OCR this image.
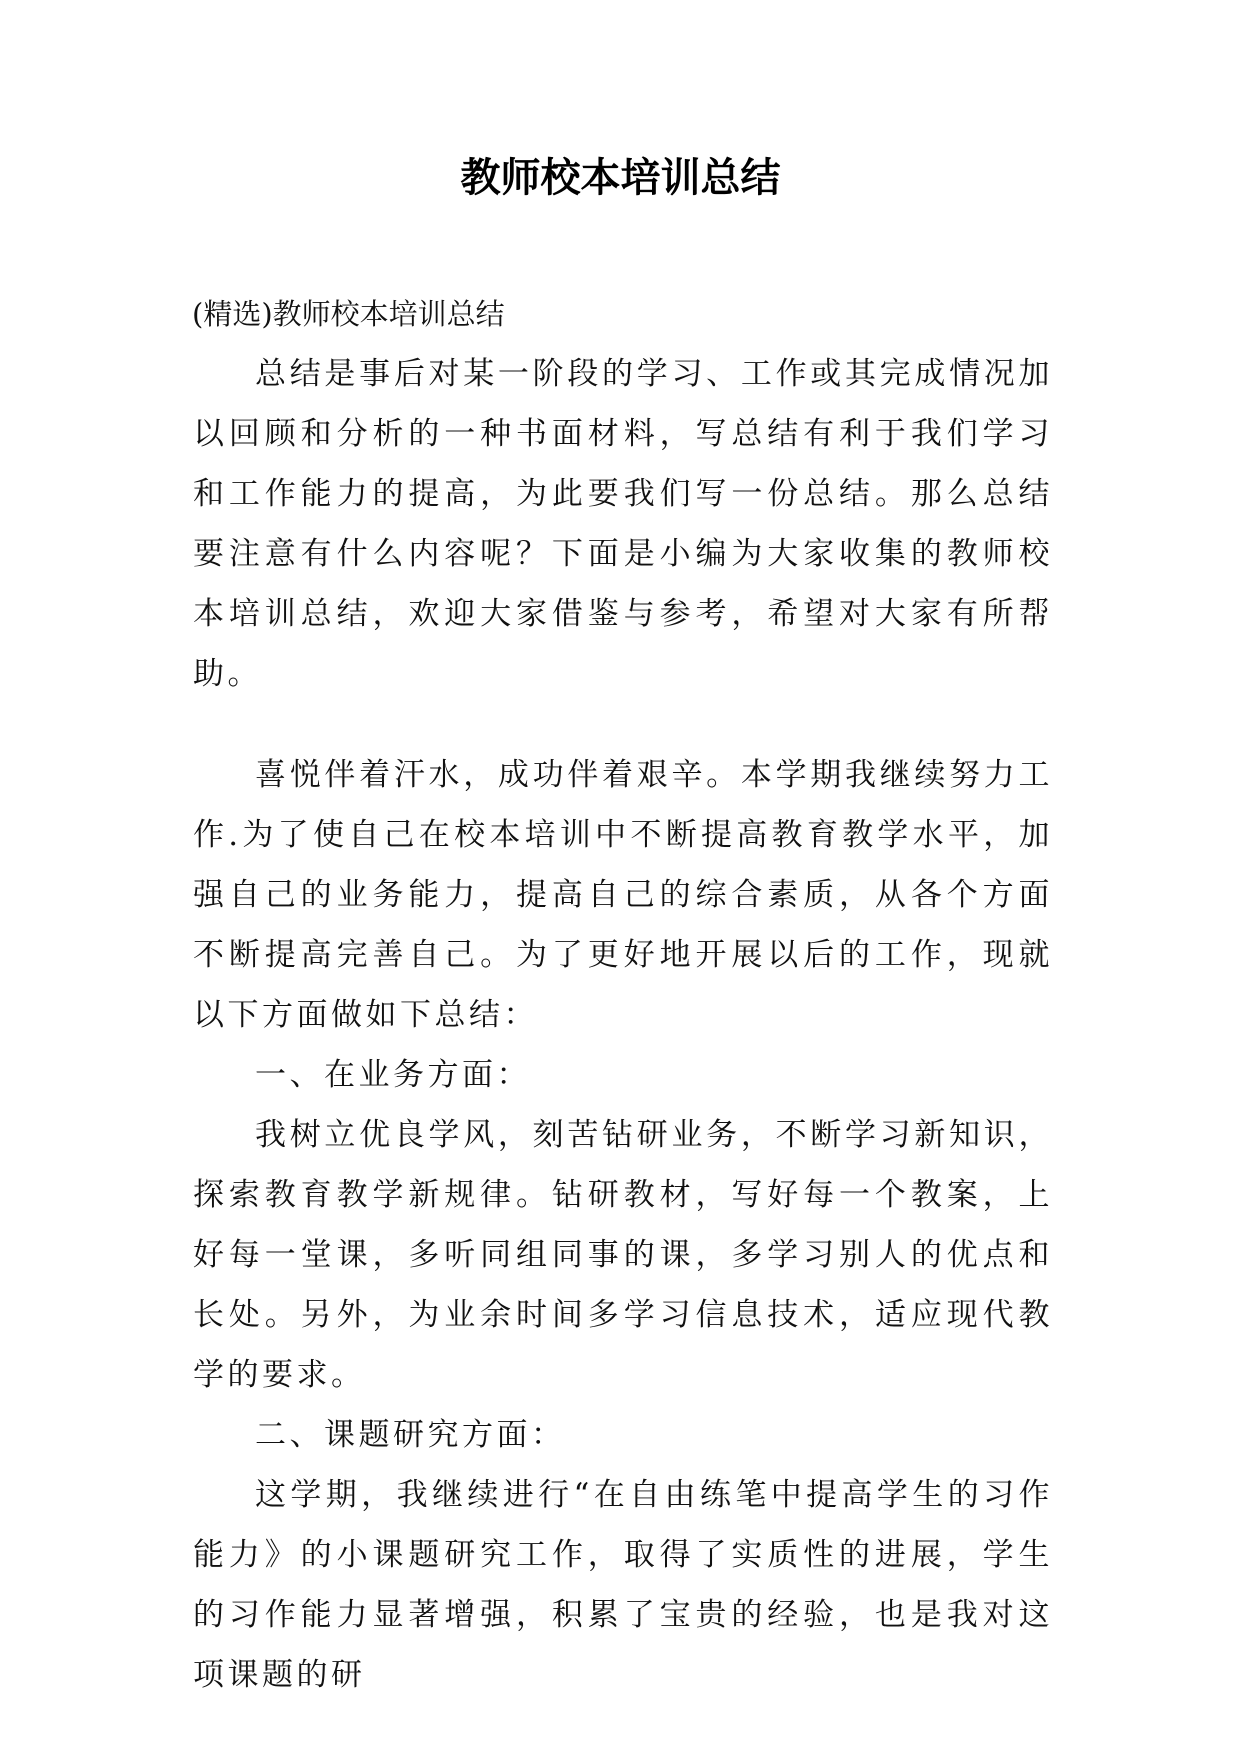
教师校本培训总结
(精选)教师校本培训总结

总结是事后对某一阶段的学习、工作或其完成情况加以回顾和分析的一种书面材料，写总结有利于我们学习和工作能力的提高，为此要我们写一份总结。那么总结要注意有什么内容呢？下面是小编为大家收集的教师校本培训总结，欢迎大家借鉴与参考，希望对大家有所帮助。

喜悦伴着汗水，成功伴着艰辛。本学期我继续努力工作.为了使自己在校本培训中不断提高教育教学水平，加强自己的业务能力，提高自己的综合素质，从各个方面不断提高完善自己。为了更好地开展以后的工作，现就以下方面做如下总结：

一、在业务方面：

我树立优良学风，刻苦钻研业务，不断学习新知识，探索教育教学新规律。钻研教材，写好每一个教案，上好每一堂课，多听同组同事的课，多学习别人的优点和长处。另外，为业余时间多学习信息技术，适应现代教学的要求。

二、课题研究方面：

这学期，我继续进行“在自由练笔中提高学生的习作能力》的小课题研究工作，取得了实质性的进展，学生的习作能力显著增强，积累了宝贵的经验，也是我对这项课题的研
